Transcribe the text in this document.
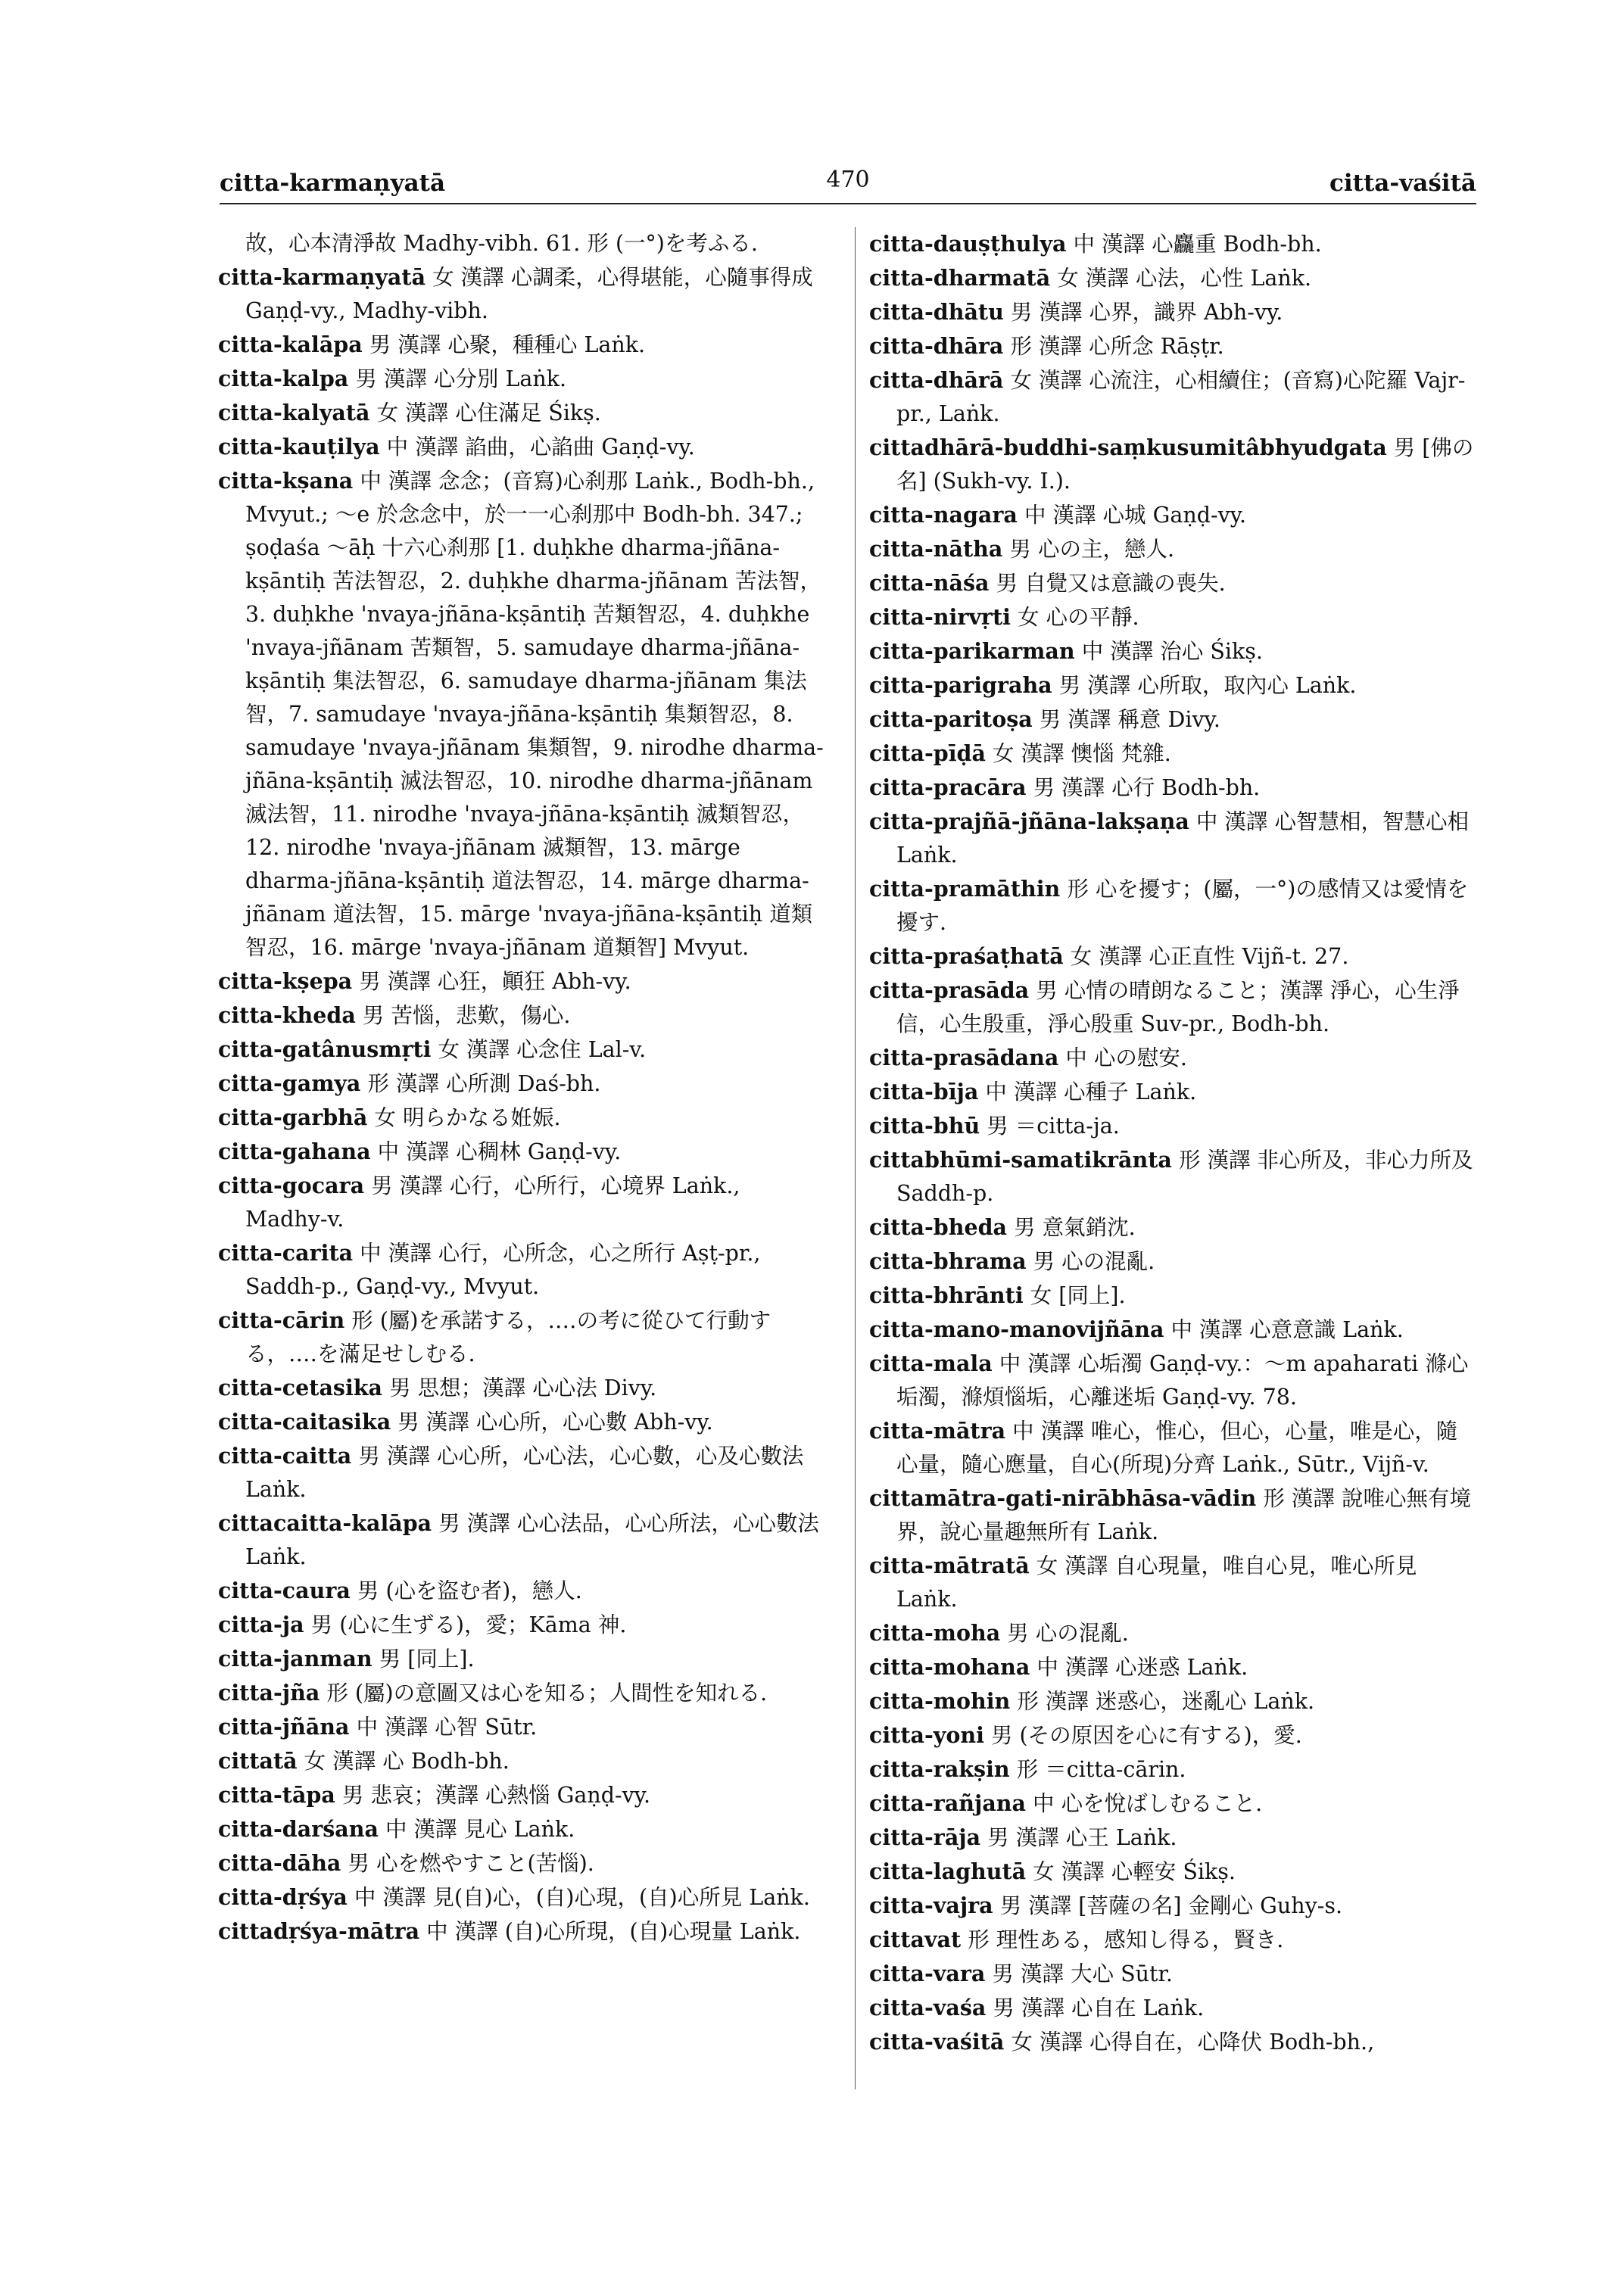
citta-karmaṇyatā	470	citta-vaśitā

故，心本清淨故 Madhy-vibh. 61. 形 (一°)を考ふる.

citta-karmaṇyatā 女 漢譯 心調柔，心得堪能，心隨事得成 Gaṇḍ-vy., Madhy-vibh.

citta-kalāpa 男 漢譯 心聚，種種心 Laṅk.

citta-kalpa 男 漢譯 心分別 Laṅk.

citta-kalyatā 女 漢譯 心住滿足 Śikṣ.

citta-kauṭilya 中 漢譯 諂曲，心諂曲 Gaṇḍ-vy.

citta-kṣana 中 漢譯 念念；(音寫)心刹那 Laṅk., Bodh-bh., Mvyut.; ～e 於念念中，於一一心刹那中 Bodh-bh. 347.; ṣoḍaśa ～āḥ 十六心刹那 [1. duḥkhe dharma-jñāna-kṣāntiḥ 苦法智忍，2. duḥkhe dharma-jñānam 苦法智，3. duḥkhe 'nvaya-jñāna-kṣāntiḥ 苦類智忍，4. duḥkhe 'nvaya-jñānam 苦類智，5. samudaye dharma-jñāna-kṣāntiḥ 集法智忍，6. samudaye dharma-jñānam 集法智，7. samudaye 'nvaya-jñāna-kṣāntiḥ 集類智忍，8. samudaye 'nvaya-jñānam 集類智，9. nirodhe dharma-jñāna-kṣāntiḥ 滅法智忍，10. nirodhe dharma-jñānam 滅法智，11. nirodhe 'nvaya-jñāna-kṣāntiḥ 滅類智忍，12. nirodhe 'nvaya-jñānam 滅類智，13. mārge dharma-jñāna-kṣāntiḥ 道法智忍，14. mārge dharma-jñānam 道法智，15. mārge 'nvaya-jñāna-kṣāntiḥ 道類智忍，16. mārge 'nvaya-jñānam 道類智] Mvyut.

citta-kṣepa 男 漢譯 心狂，顚狂 Abh-vy.

citta-kheda 男 苦惱，悲歎，傷心.

citta-gatânusmṛti 女 漢譯 心念住 Lal-v.

citta-gamya 形 漢譯 心所測 Daś-bh.

citta-garbhā 女 明らかなる姙娠.

citta-gahana 中 漢譯 心稠林 Gaṇḍ-vy.

citta-gocara 男 漢譯 心行，心所行，心境界 Laṅk., Madhy-v.

citta-carita 中 漢譯 心行，心所念，心之所行 Aṣṭ-pr., Saddh-p., Gaṇḍ-vy., Mvyut.

citta-cārin 形 (屬)を承諾する，‥‥の考に從ひて行動する，‥‥を滿足せしむる.

citta-cetasika 男 思想；漢譯 心心法 Divy.

citta-caitasika 男 漢譯 心心所，心心數 Abh-vy.

citta-caitta 男 漢譯 心心所，心心法，心心數，心及心數法 Laṅk.

cittacaitta-kalāpa 男 漢譯 心心法品，心心所法，心心數法 Laṅk.

citta-caura 男 (心を盜む者)，戀人.

citta-ja 男 (心に生ずる)，愛；Kāma 神.

citta-janman 男 [同上].

citta-jña 形 (屬)の意圖又は心を知る；人間性を知れる.

citta-jñāna 中 漢譯 心智 Sūtr.

cittatā 女 漢譯 心 Bodh-bh.

citta-tāpa 男 悲哀；漢譯 心熱惱 Gaṇḍ-vy.

citta-darśana 中 漢譯 見心 Laṅk.

citta-dāha 男 心を燃やすこと(苦惱).

citta-dṛśya 中 漢譯 見(自)心，(自)心現，(自)心所見 Laṅk.

cittadṛśya-mātra 中 漢譯 (自)心所現，(自)心現量 Laṅk.

citta-dauṣṭhulya 中 漢譯 心麤重 Bodh-bh.

citta-dharmatā 女 漢譯 心法，心性 Laṅk.

citta-dhātu 男 漢譯 心界，識界 Abh-vy.

citta-dhāra 形 漢譯 心所念 Rāṣṭr.

citta-dhārā 女 漢譯 心流注，心相續住；(音寫)心陀羅 Vajr-pr., Laṅk.

cittadhārā-buddhi-saṃkusumitâbhyudgata 男 [佛の名] (Sukh-vy. I.).

citta-nagara 中 漢譯 心城 Gaṇḍ-vy.

citta-nātha 男 心の主，戀人.

citta-nāśa 男 自覺又は意識の喪失.

citta-nirvṛti 女 心の平靜.

citta-parikarman 中 漢譯 治心 Śikṣ.

citta-parigraha 男 漢譯 心所取，取內心 Laṅk.

citta-paritoṣa 男 漢譯 稱意 Divy.

citta-pīḍā 女 漢譯 懊惱 梵雜.

citta-pracāra 男 漢譯 心行 Bodh-bh.

citta-prajñā-jñāna-lakṣaṇa 中 漢譯 心智慧相，智慧心相 Laṅk.

citta-pramāthin 形 心を擾す；(屬，一°)の感情又は愛情を擾す.

citta-praśaṭhatā 女 漢譯 心正直性 Vijñ-t. 27.

citta-prasāda 男 心情の晴朗なること；漢譯 淨心，心生淨信，心生殷重，淨心殷重 Suv-pr., Bodh-bh.

citta-prasādana 中 心の慰安.

citta-bīja 中 漢譯 心種子 Laṅk.

citta-bhū 男 ＝citta-ja.

cittabhūmi-samatikrānta 形 漢譯 非心所及，非心力所及 Saddh-p.

citta-bheda 男 意氣銷沈.

citta-bhrama 男 心の混亂.

citta-bhrānti 女 [同上].

citta-mano-manovijñāna 中 漢譯 心意意識 Laṅk.

citta-mala 中 漢譯 心垢濁 Gaṇḍ-vy.：～m apaharati 滌心垢濁，滌煩惱垢，心離迷垢 Gaṇḍ-vy. 78.

citta-mātra 中 漢譯 唯心，惟心，但心，心量，唯是心，隨心量，隨心應量，自心(所現)分齊 Laṅk., Sūtr., Vijñ-v.

cittamātra-gati-nirābhāsa-vādin 形 漢譯 說唯心無有境界，說心量趣無所有 Laṅk.

citta-mātratā 女 漢譯 自心現量，唯自心見，唯心所見 Laṅk.

citta-moha 男 心の混亂.

citta-mohana 中 漢譯 心迷惑 Laṅk.

citta-mohin 形 漢譯 迷惑心，迷亂心 Laṅk.

citta-yoni 男 (その原因を心に有する)，愛.

citta-rakṣin 形 ＝citta-cārin.

citta-rañjana 中 心を悅ばしむること.

citta-rāja 男 漢譯 心王 Laṅk.

citta-laghutā 女 漢譯 心輕安 Śikṣ.

citta-vajra 男 漢譯 [菩薩の名] 金剛心 Guhy-s.

cittavat 形 理性ある，感知し得る，賢き.

citta-vara 男 漢譯 大心 Sūtr.

citta-vaśa 男 漢譯 心自在 Laṅk.

citta-vaśitā 女 漢譯 心得自在，心降伏 Bodh-bh.,
